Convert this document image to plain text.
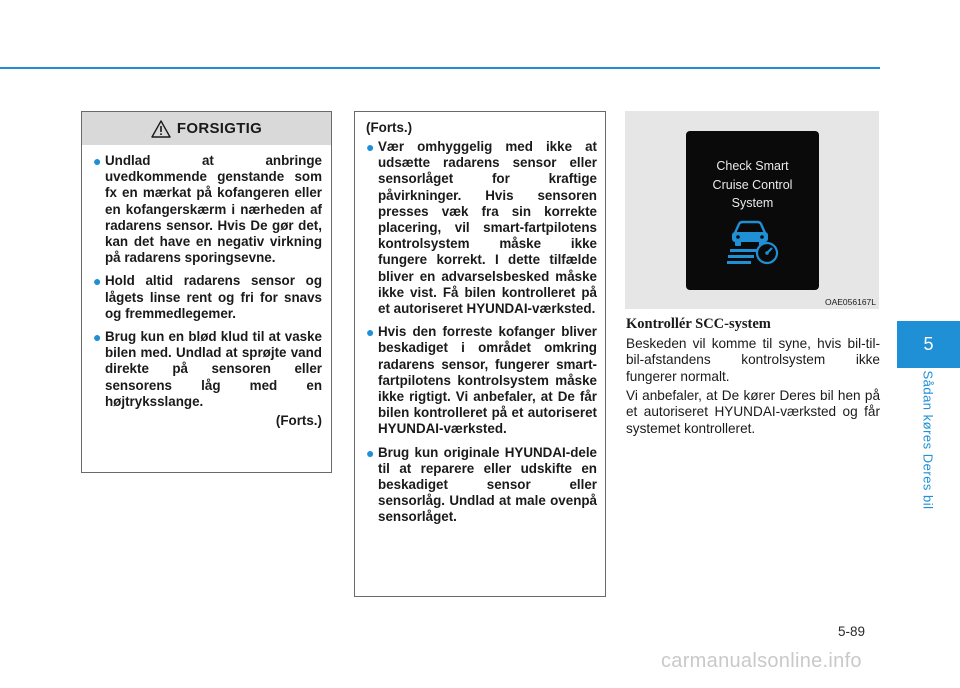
FORSIGTIG
● Undlad at anbringe uvedkommende genstande som fx en mærkat på kofangeren eller en kofangerskærm i nærheden af radarens sensor. Hvis De gør det, kan det have en negativ virkning på radarens sporingsevne.
● Hold altid radarens sensor og lågets linse rent og fri for snavs og fremmedlegemer.
● Brug kun en blød klud til at vaske bilen med. Undlad at sprøjte vand direkte på sensoren eller sensorens låg med en højtryksslange.
(Forts.)
(Forts.)
● Vær omhyggelig med ikke at udsætte radarens sensor eller sensorlåget for kraftige påvirkninger. Hvis sensoren presses væk fra sin korrekte placering, vil smart-fartpilotens kontrolsystem måske ikke fungere korrekt. I dette tilfælde bliver en advarselsbesked måske ikke vist. Få bilen kontrolleret på et autoriseret HYUNDAI-værksted.
● Hvis den forreste kofanger bliver beskadiget i området omkring radarens sensor, fungerer smart-fartpilotens kontrolsystem måske ikke rigtigt. Vi anbefaler, at De får bilen kontrolleret på et autoriseret HYUNDAI-værksted.
● Brug kun originale HYUNDAI-dele til at reparere eller udskifte en beskadiget sensor eller sensorlåg. Undlad at male ovenpå sensorlåget.
Check Smart
Cruise Control
System
OAE056167L
Kontrollér SCC-system

Beskeden vil komme til syne, hvis bil-til-bil-afstandens kontrolsystem ikke fungerer normalt.

Vi anbefaler, at De kører Deres bil hen på et autoriseret HYUNDAI-værksted og får systemet kontrolleret.

5
Sådan køres Deres bil
5-89
carmanualsonline.info
